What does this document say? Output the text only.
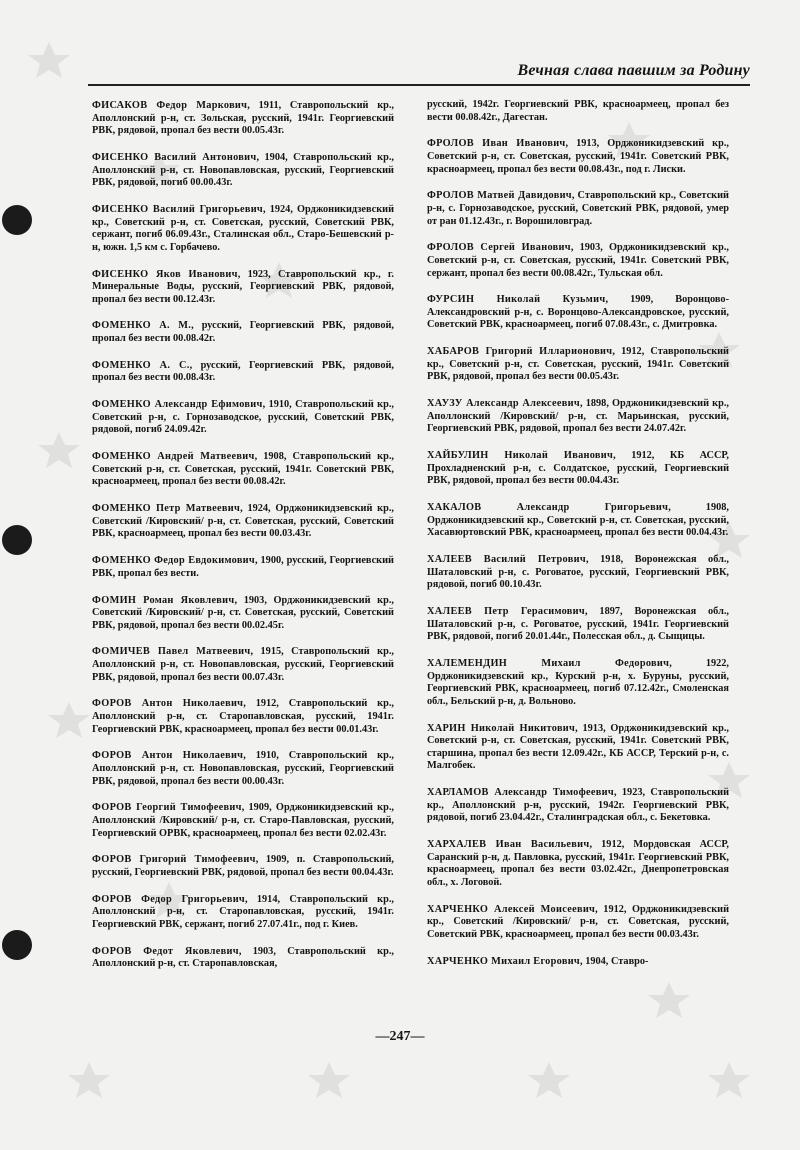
Вечная слава павшим за Родину

ФИСАКОВ Федор Маркович, 1911, Ставропольский кр., Аполлонский р-н, ст. Зольская, русский, 1941г. Георгиевский РВК, рядовой, пропал без вести 00.05.43г.

ФИСЕНКО Василий Антонович, 1904, Ставропольский кр., Аполлонский р-н, ст. Новопавловская, русский, Георгиевский РВК, рядовой, погиб 00.00.43г.

ФИСЕНКО Василий Григорьевич, 1924, Орджоникидзевский кр., Советский р-н, ст. Советская, русский, Советский РВК, сержант, погиб 06.09.43г., Сталинская обл., Старо-Бешевский р-н, южн. 1,5 км с. Горбачево.

ФИСЕНКО Яков Иванович, 1923, Ставропольский кр., г. Минеральные Воды, русский, Георгиевский РВК, рядовой, пропал без вести 00.12.43г.

ФОМЕНКО А. М., русский, Георгиевский РВК, рядовой, пропал без вести 00.08.42г.

ФОМЕНКО А. С., русский, Георгиевский РВК, рядовой, пропал без вести 00.08.43г.

ФОМЕНКО Александр Ефимович, 1910, Ставропольский кр., Советский р-н, с. Горнозаводское, русский, Советский РВК, рядовой, погиб 24.09.42г.

ФОМЕНКО Андрей Матвеевич, 1908, Ставропольский кр., Советский р-н, ст. Советская, русский, 1941г. Советский РВК, красноармеец, пропал без вести 00.08.42г.

ФОМЕНКО Петр Матвеевич, 1924, Орджоникидзевский кр., Советский /Кировский/ р-н, ст. Советская, русский, Советский РВК, красноармеец, пропал без вести 00.03.43г.

ФОМЕНКО Федор Евдокимович, 1900, русский, Георгиевский РВК, пропал без вести.

ФОМИН Роман Яковлевич, 1903, Орджоникидзевский кр., Советский /Кировский/ р-н, ст. Советская, русский, Советский РВК, рядовой, пропал без вести 00.02.45г.

ФОМИЧЕВ Павел Матвеевич, 1915, Ставропольский кр., Аполлонский р-н, ст. Новопавловская, русский, Георгиевский РВК, рядовой, пропал без вести 00.07.43г.

ФОРОВ Антон Николаевич, 1912, Ставропольский кр., Аполлонский р-н, ст. Старопавловская, русский, 1941г. Георгиевский РВК, красноармеец, пропал без вести 00.01.43г.

ФОРОВ Антон Николаевич, 1910, Ставропольский кр., Аполлонский р-н, ст. Новопавловская, русский, Георгиевский РВК, рядовой, пропал без вести 00.00.43г.

ФОРОВ Георгий Тимофеевич, 1909, Орджоникидзевский кр., Аполлонский /Кировский/ р-н, ст. Старо-Павловская, русский, Георгиевский ОРВК, красноармеец, пропал без вести 02.02.43г.

ФОРОВ Григорий Тимофеевич, 1909, п. Ставропольский, русский, Георгиевский РВК, рядовой, пропал без вести 00.04.43г.

ФОРОВ Федор Григорьевич, 1914, Ставропольский кр., Аполлонский р-н, ст. Старопавловская, русский, 1941г. Георгиевский РВК, сержант, погиб 27.07.41г., под г. Киев.

ФОРОВ Федот Яковлевич, 1903, Ставропольский кр., Аполлонский р-н, ст. Старопавловская,

русский, 1942г. Георгиевский РВК, красноармеец, пропал без вести 00.08.42г., Дагестан.

ФРОЛОВ Иван Иванович, 1913, Орджоникидзевский кр., Советский р-н, ст. Советская, русский, 1941г. Советский РВК, красноармеец, пропал без вести 00.08.43г., под г. Лиски.

ФРОЛОВ Матвей Давидович, Ставропольский кр., Советский р-н, с. Горнозаводское, русский, Советский РВК, рядовой, умер от ран 01.12.43г., г. Ворошиловград.

ФРОЛОВ Сергей Иванович, 1903, Орджоникидзевский кр., Советский р-н, ст. Советская, русский, 1941г. Советский РВК, сержант, пропал без вести 00.08.42г., Тульская обл.

ФУРСИН Николай Кузьмич, 1909, Воронцово-Александровский р-н, с. Воронцово-Александровское, русский, Советский РВК, красноармеец, погиб 07.08.43г., с. Дмитровка.

ХАБАРОВ Григорий Илларионович, 1912, Ставропольский кр., Советский р-н, ст. Советская, русский, 1941г. Советский РВК, рядовой, пропал без вести 00.05.43г.

ХАУЗУ Александр Алексеевич, 1898, Орджоникидзевский кр., Аполлонский /Кировский/ р-н, ст. Марьинская, русский, Георгиевский РВК, рядовой, пропал без вести 24.07.42г.

ХАЙБУЛИН Николай Иванович, 1912, КБ АССР, Прохладненский р-н, с. Солдатское, русский, Георгиевский РВК, рядовой, пропал без вести 00.04.43г.

ХАКАЛОВ Александр Григорьевич, 1908, Орджоникидзевский кр., Советский р-н, ст. Советская, русский, Хасавюртовский РВК, красноармеец, пропал без вести 00.04.43г.

ХАЛЕЕВ Василий Петрович, 1918, Воронежская обл., Шаталовский р-н, с. Роговатое, русский, Георгиевский РВК, рядовой, погиб 00.10.43г.

ХАЛЕЕВ Петр Герасимович, 1897, Воронежская обл., Шаталовский р-н, с. Роговатое, русский, 1941г. Георгиевский РВК, рядовой, погиб 20.01.44г., Полесская обл., д. Сыщицы.

ХАЛЕМЕНДИН Михаил Федорович, 1922, Орджоникидзевский кр., Курский р-н, х. Буруны, русский, Георгиевский РВК, красноармеец, погиб 07.12.42г., Смоленская обл., Бельский р-н, д. Вольново.

ХАРИН Николай Никитович, 1913, Орджоникидзевский кр., Советский р-н, ст. Советская, русский, 1941г. Советский РВК, старшина, пропал без вести 12.09.42г., КБ АССР, Терский р-н, с. Малгобек.

ХАРЛАМОВ Александр Тимофеевич, 1923, Ставропольский кр., Аполлонский р-н, русский, 1942г. Георгиевский РВК, рядовой, погиб 23.04.42г., Сталинградская обл., с. Бекетовка.

ХАРХАЛЕВ Иван Васильевич, 1912, Мордовская АССР, Саранский р-н, д. Павловка, русский, 1941г. Георгиевский РВК, красноармеец, пропал без вести 03.02.42г., Днепропетровская обл., х. Логовой.

ХАРЧЕНКО Алексей Моисеевич, 1912, Орджоникидзевский кр., Советский /Кировский/ р-н, ст. Советская, русский, Советский РВК, красноармеец, пропал без вести 00.03.43г.

ХАРЧЕНКО Михаил Егорович, 1904, Ставро-

—247—
